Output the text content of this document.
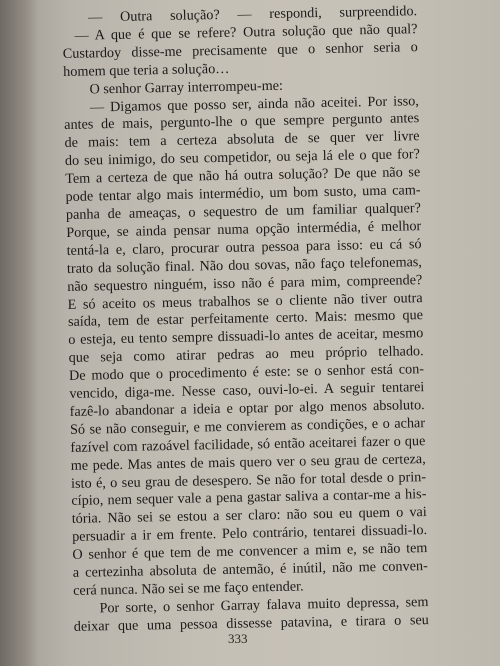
— Outra solução? — respondi, surpreendido.
— A que é que se refere? Outra solução que não qual?
Custardoy disse-me precisamente que o senhor seria o
homem que teria a solução…
O senhor Garray interrompeu-me:
— Digamos que posso ser, ainda não aceitei. Por isso,
antes de mais, pergunto-lhe o que sempre pergunto antes
de mais: tem a certeza absoluta de se quer ver livre
do seu inimigo, do seu competidor, ou seja lá ele o que for?
Tem a certeza de que não há outra solução? De que não se
pode tentar algo mais intermédio, um bom susto, uma cam-
panha de ameaças, o sequestro de um familiar qualquer?
Porque, se ainda pensar numa opção intermédia, é melhor
tentá-la e, claro, procurar outra pessoa para isso: eu cá só
trato da solução final. Não dou sovas, não faço telefonemas,
não sequestro ninguém, isso não é para mim, compreende?
E só aceito os meus trabalhos se o cliente não tiver outra
saída, tem de estar perfeitamente certo. Mais: mesmo que
o esteja, eu tento sempre dissuadi-lo antes de aceitar, mesmo
que seja como atirar pedras ao meu próprio telhado.
De modo que o procedimento é este: se o senhor está con-
vencido, diga-me. Nesse caso, ouvi-lo-ei. A seguir tentarei
fazê-lo abandonar a ideia e optar por algo menos absoluto.
Só se não conseguir, e me convierem as condições, e o achar
fazível com razoável facilidade, só então aceitarei fazer o que
me pede. Mas antes de mais quero ver o seu grau de certeza,
isto é, o seu grau de desespero. Se não for total desde o prin-
cípio, nem sequer vale a pena gastar saliva a contar-me a his-
tória. Não sei se estou a ser claro: não sou eu quem o vai
persuadir a ir em frente. Pelo contrário, tentarei dissuadi-lo.
O senhor é que tem de me convencer a mim e, se não tem
a certezinha absoluta de antemão, é inútil, não me conven-
cerá nunca. Não sei se me faço entender.
Por sorte, o senhor Garray falava muito depressa, sem
deixar que uma pessoa dissesse patavina, e tirara o seu
333
